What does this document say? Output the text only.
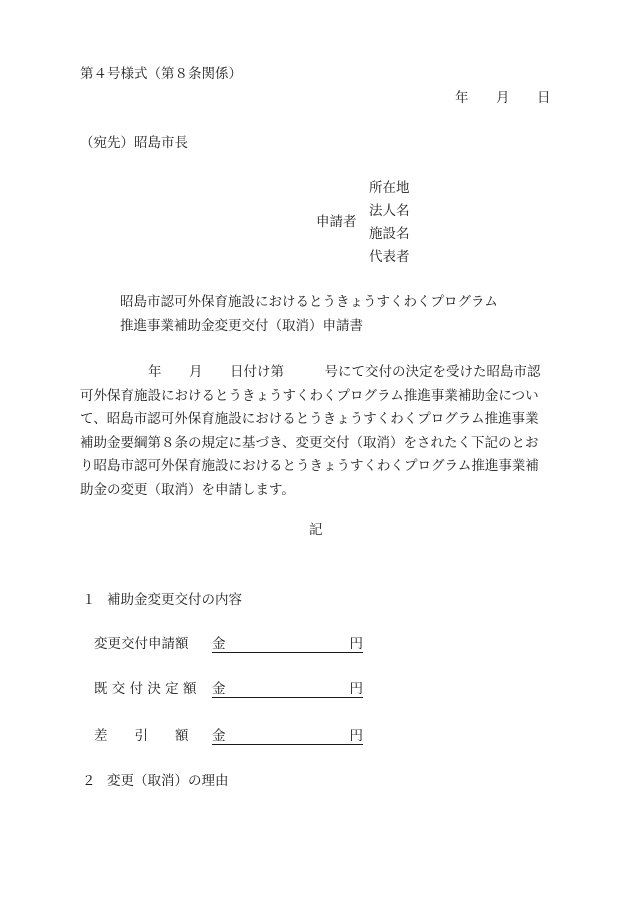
第４号様式（第８条関係）
年 月 日
（宛先）昭島市長
申請者
所在地
法人名
施設名
代表者
昭島市認可外保育施設におけるとうきょうすくわくプログラム
推進事業補助金変更交付（取消）申請書
年 月 日付け第　　　号にて交付の決定を受けた昭島市認
可外保育施設におけるとうきょうすくわくプログラム推進事業補助金につい
て、昭島市認可外保育施設におけるとうきょうすくわくプログラム推進事業
補助金要綱第８条の規定に基づき、変更交付（取消）をされたく下記のとお
り昭島市認可外保育施設におけるとうきょうすくわくプログラム推進事業補
助金の変更（取消）を申請します。
記
１ 補助金変更交付の内容
変更交付申請額 金	円
既 交 付 決 定 額 金	円
差　　引　　額 金	円
２ 変更（取消）の理由
